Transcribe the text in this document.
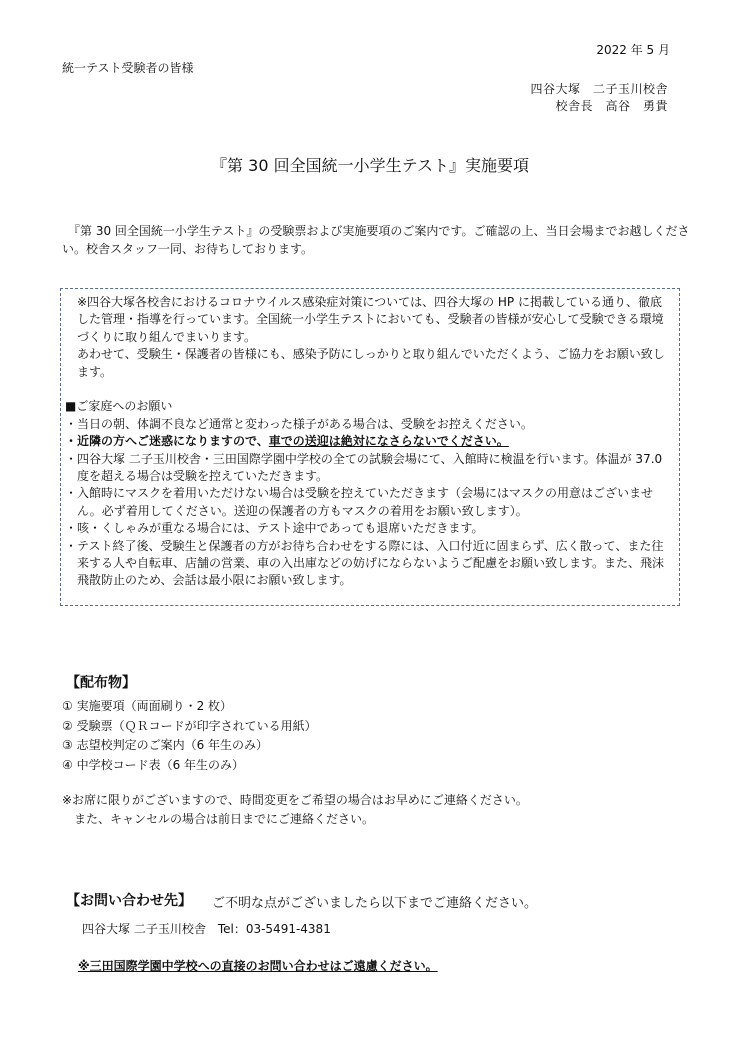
2022 年 5 月
統一テスト受験者の皆様
四谷大塚　二子玉川校舎
校舎長　高谷　勇貴
『第 30 回全国統一小学生テスト』実施要項
　『第 30 回全国統一小学生テスト』の受験票および実施要項のご案内です。ご確認の上、当日会場までお越しください。校舎スタッフ一同、お待ちしております。

※四谷大塚各校舎におけるコロナウイルス感染症対策については、四谷大塚の HP に掲載している通り、徹底した管理・指導を行っています。全国統一小学生テストにおいても、受験者の皆様が安心して受験できる環境づくりに取り組んでまいります。

あわせて、受験生・保護者の皆様にも、感染予防にしっかりと取り組んでいただくよう、ご協力をお願い致します。

■ご家庭へのお願い

・当日の朝、体調不良など通常と変わった様子がある場合は、受験をお控えください。

・近隣の方へご迷惑になりますので、車での送迎は絶対になさらないでください。

・四谷大塚 二子玉川校舎・三田国際学園中学校の全ての試験会場にて、入館時に検温を行います。体温が 37.0 度を超える場合は受験を控えていただきます。

・入館時にマスクを着用いただけない場合は受験を控えていただきます（会場にはマスクの用意はございません。必ず着用してください。送迎の保護者の方もマスクの着用をお願い致します）。

・咳・くしゃみが重なる場合には、テスト途中であっても退席いただきます。

・テスト終了後、受験生と保護者の方がお待ち合わせをする際には、入口付近に固まらず、広く散って、また往来する人や自転車、店舗の営業、車の入出庫などの妨げにならないようご配慮をお願い致します。また、飛沫飛散防止のため、会話は最小限にお願い致します。

【配布物】
① 実施要項（両面刷り・2 枚）
② 受験票（ＱＲコードが印字されている用紙）
③ 志望校判定のご案内（6 年生のみ）
④ 中学校コード表（6 年生のみ）
※お席に限りがございますので、時間変更をご希望の場合はお早めにご連絡ください。
　また、キャンセルの場合は前日までにご連絡ください。
【お問い合わせ先】 ご不明な点がございましたら以下までご連絡ください。
四谷大塚 二子玉川校舎　Tel：03-5491-4381
※三田国際学園中学校への直接のお問い合わせはご遠慮ください。
